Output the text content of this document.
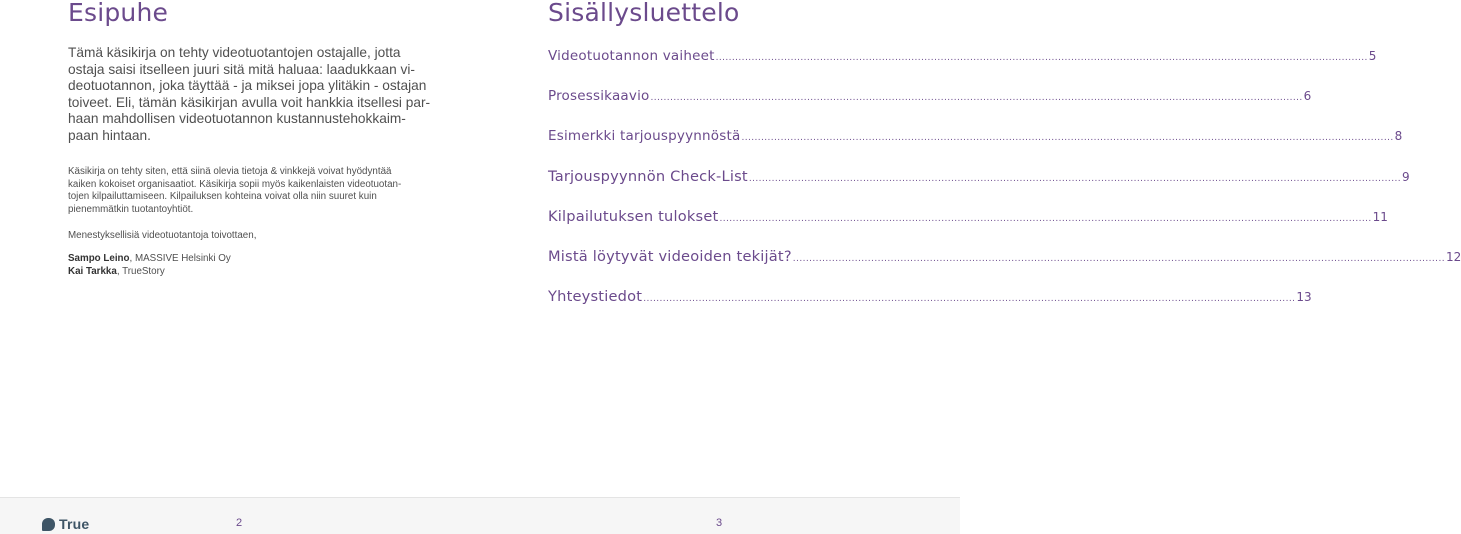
Esipuhe
Tämä käsikirja on tehty videotuotantojen ostajalle, jotta
ostaja saisi itselleen juuri sitä mitä haluaa: laadukkaan vi-
deotuotannon, joka täyttää - ja miksei jopa ylitäkin - ostajan
toiveet. Eli, tämän käsikirjan avulla voit hankkia itsellesi par-
haan mahdollisen videotuotannon kustannustehokkaim-
paan hintaan.
Käsikirja on tehty siten, että siinä olevia tietoja & vinkkejä voivat hyödyntää
kaiken kokoiset organisaatiot. Käsikirja sopii myös kaikenlaisten videotuotan-
tojen kilpailuttamiseen. Kilpailuksen kohteina voivat olla niin suuret kuin
pienemmätkin tuotantoyhtiöt.
Menestyksellisiä videotuotantoja toivottaen,
Sampo Leino, MASSIVE Helsinki Oy
Kai Tarkka, TrueStory
Sisällysluettelo
Videotuotannon vaiheet ........................................................................................................................................................................................................ 5
Prosessikaavio ........................................................................................................................................................................................................ 6
Esimerkki tarjouspyynnöstä ........................................................................................................................................................................................................ 8
Tarjouspyynnön Check-List ........................................................................................................................................................................................................ 9
Kilpailutuksen tulokset ........................................................................................................................................................................................................ 11
Mistä löytyvät videoiden tekijät? ........................................................................................................................................................................................................ 12
Yhteystiedot ........................................................................................................................................................................................................ 13
True	2	3
